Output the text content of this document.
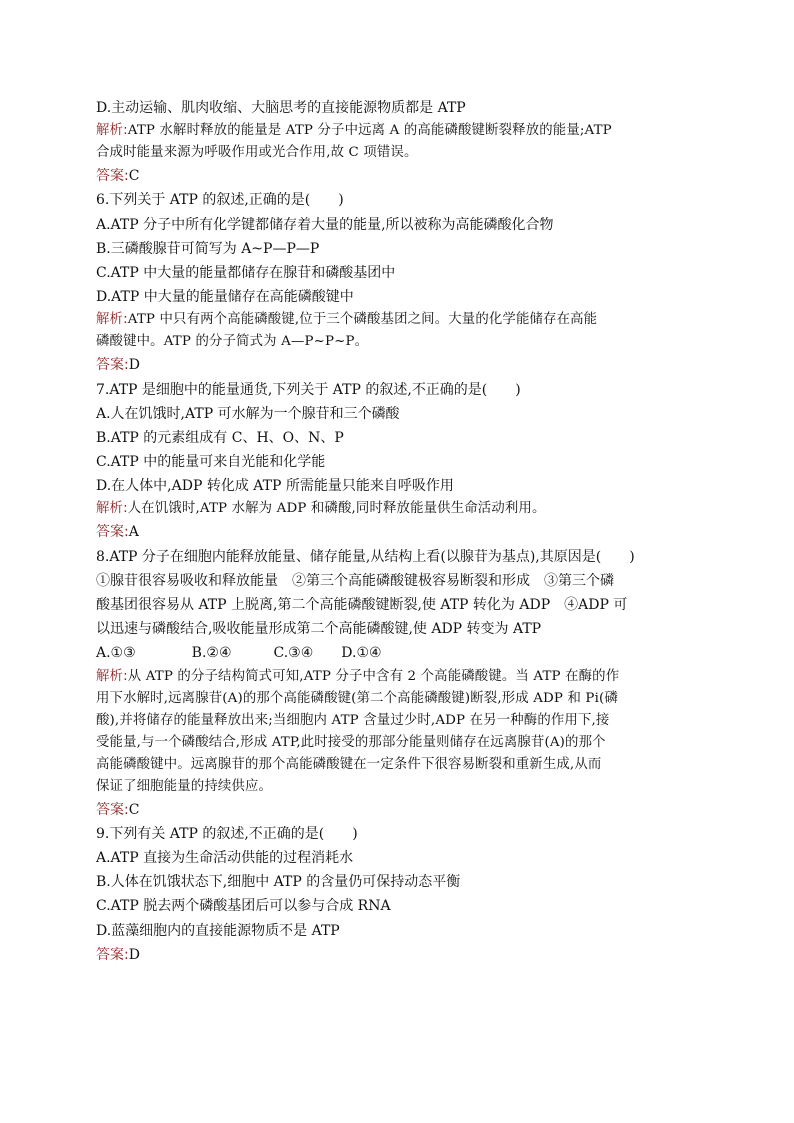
D.主动运输、肌肉收缩、大脑思考的直接能源物质都是 ATP
解析:ATP 水解时释放的能量是 ATP 分子中远离 A 的高能磷酸键断裂释放的能量;ATP
合成时能量来源为呼吸作用或光合作用,故 C 项错误。
答案:C
6.下列关于 ATP 的叙述,正确的是(　　)
A.ATP 分子中所有化学键都储存着大量的能量,所以被称为高能磷酸化合物
B.三磷酸腺苷可简写为 A~P—P—P
C.ATP 中大量的能量都储存在腺苷和磷酸基团中
D.ATP 中大量的能量储存在高能磷酸键中
解析:ATP 中只有两个高能磷酸键,位于三个磷酸基团之间。大量的化学能储存在高能
磷酸键中。ATP 的分子简式为 A—P~P~P。
答案:D
7.ATP 是细胞中的能量通货,下列关于 ATP 的叙述,不正确的是(　　)
A.人在饥饿时,ATP 可水解为一个腺苷和三个磷酸
B.ATP 的元素组成有 C、H、O、N、P
C.ATP 中的能量可来自光能和化学能
D.在人体中,ADP 转化成 ATP 所需能量只能来自呼吸作用
解析:人在饥饿时,ATP 水解为 ADP 和磷酸,同时释放能量供生命活动利用。
答案:A
8.ATP 分子在细胞内能释放能量、储存能量,从结构上看(以腺苷为基点),其原因是(　　)
①腺苷很容易吸收和释放能量　②第三个高能磷酸键极容易断裂和形成　③第三个磷
酸基团很容易从 ATP 上脱离,第二个高能磷酸键断裂,使 ATP 转化为 ADP　④ADP 可
以迅速与磷酸结合,吸收能量形成第二个高能磷酸键,使 ADP 转变为 ATP
A.①③　　　　B.②④　　　C.③④　　D.①④
解析:从 ATP 的分子结构简式可知,ATP 分子中含有 2 个高能磷酸键。当 ATP 在酶的作
用下水解时,远离腺苷(A)的那个高能磷酸键(第二个高能磷酸键)断裂,形成 ADP 和 Pi(磷
酸),并将储存的能量释放出来;当细胞内 ATP 含量过少时,ADP 在另一种酶的作用下,接
受能量,与一个磷酸结合,形成 ATP,此时接受的那部分能量则储存在远离腺苷(A)的那个
高能磷酸键中。远离腺苷的那个高能磷酸键在一定条件下很容易断裂和重新生成,从而
保证了细胞能量的持续供应。
答案:C
9.下列有关 ATP 的叙述,不正确的是(　　)
A.ATP 直接为生命活动供能的过程消耗水
B.人体在饥饿状态下,细胞中 ATP 的含量仍可保持动态平衡
C.ATP 脱去两个磷酸基团后可以参与合成 RNA
D.蓝藻细胞内的直接能源物质不是 ATP
答案:D
